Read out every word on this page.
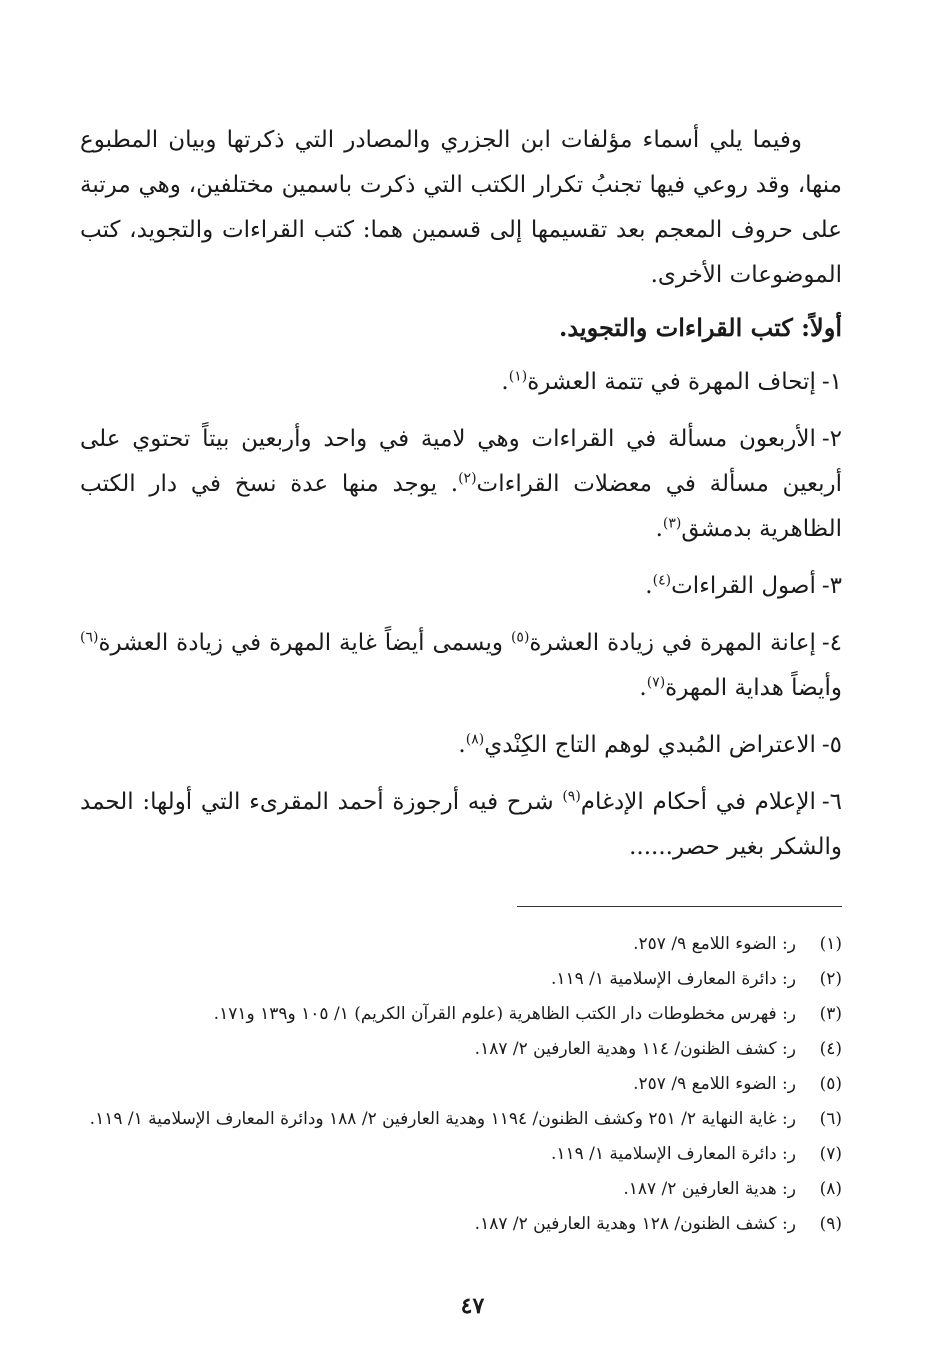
وفيما يلي أسماء مؤلفات ابن الجزري والمصادر التي ذكرتها وبيان المطبوع منها، وقد روعي فيها تجنبُ تكرار الكتب التي ذكرت باسمين مختلفين، وهي مرتبة على حروف المعجم بعد تقسيمها إلى قسمين هما: كتب القراءات والتجويد، كتب الموضوعات الأخرى.

أولاً: كتب القراءات والتجويد.

١-إتحاف المهرة في تتمة العشرة$^{(١)}$.

٢-الأربعون مسألة في القراءات وهي لامية في واحد وأربعين بيتاً تحتوي على أربعين مسألة في معضلات القراءات$^{(٢)}$. يوجد منها عدة نسخ في دار الكتب الظاهرية بدمشق$^{(٣)}$.

٣-أصول القراءات$^{(٤)}$.

٤-إعانة المهرة في زيادة العشرة$^{(٥)}$ ويسمى أيضاً غاية المهرة في زيادة العشرة$^{(٦)}$ وأيضاً هداية المهرة$^{(٧)}$.

٥-الاعتراض المُبدي لوهم التاج الكِنْدي$^{(٨)}$.

٦-الإعلام في أحكام الإدغام$^{(٩)}$ شرح فيه أرجوزة أحمد المقرىء التي أولها: الحمد والشكر بغير حصر......

(١)
ر: الضوء اللامع ٩/ ٢٥٧.

(٢)
ر: دائرة المعارف الإسلامية ١/ ١١٩.

(٣)
ر: فهرس مخطوطات دار الكتب الظاهرية (علوم القرآن الكريم) ١/ ١٠٥ و١٣٩ و١٧١.

(٤)
ر: كشف الظنون/ ١١٤ وهدية العارفين ٢/ ١٨٧.

(٥)
ر: الضوء اللامع ٩/ ٢٥٧.

(٦)
ر: غاية النهاية ٢/ ٢٥١ وكشف الظنون/ ١١٩٤ وهدية العارفين ٢/ ١٨٨ ودائرة المعارف الإسلامية ١/ ١١٩.

(٧)
ر: دائرة المعارف الإسلامية ١/ ١١٩.

(٨)
ر: هدية العارفين ٢/ ١٨٧.

(٩)
ر: كشف الظنون/ ١٢٨ وهدية العارفين ٢/ ١٨٧.

٤٧
